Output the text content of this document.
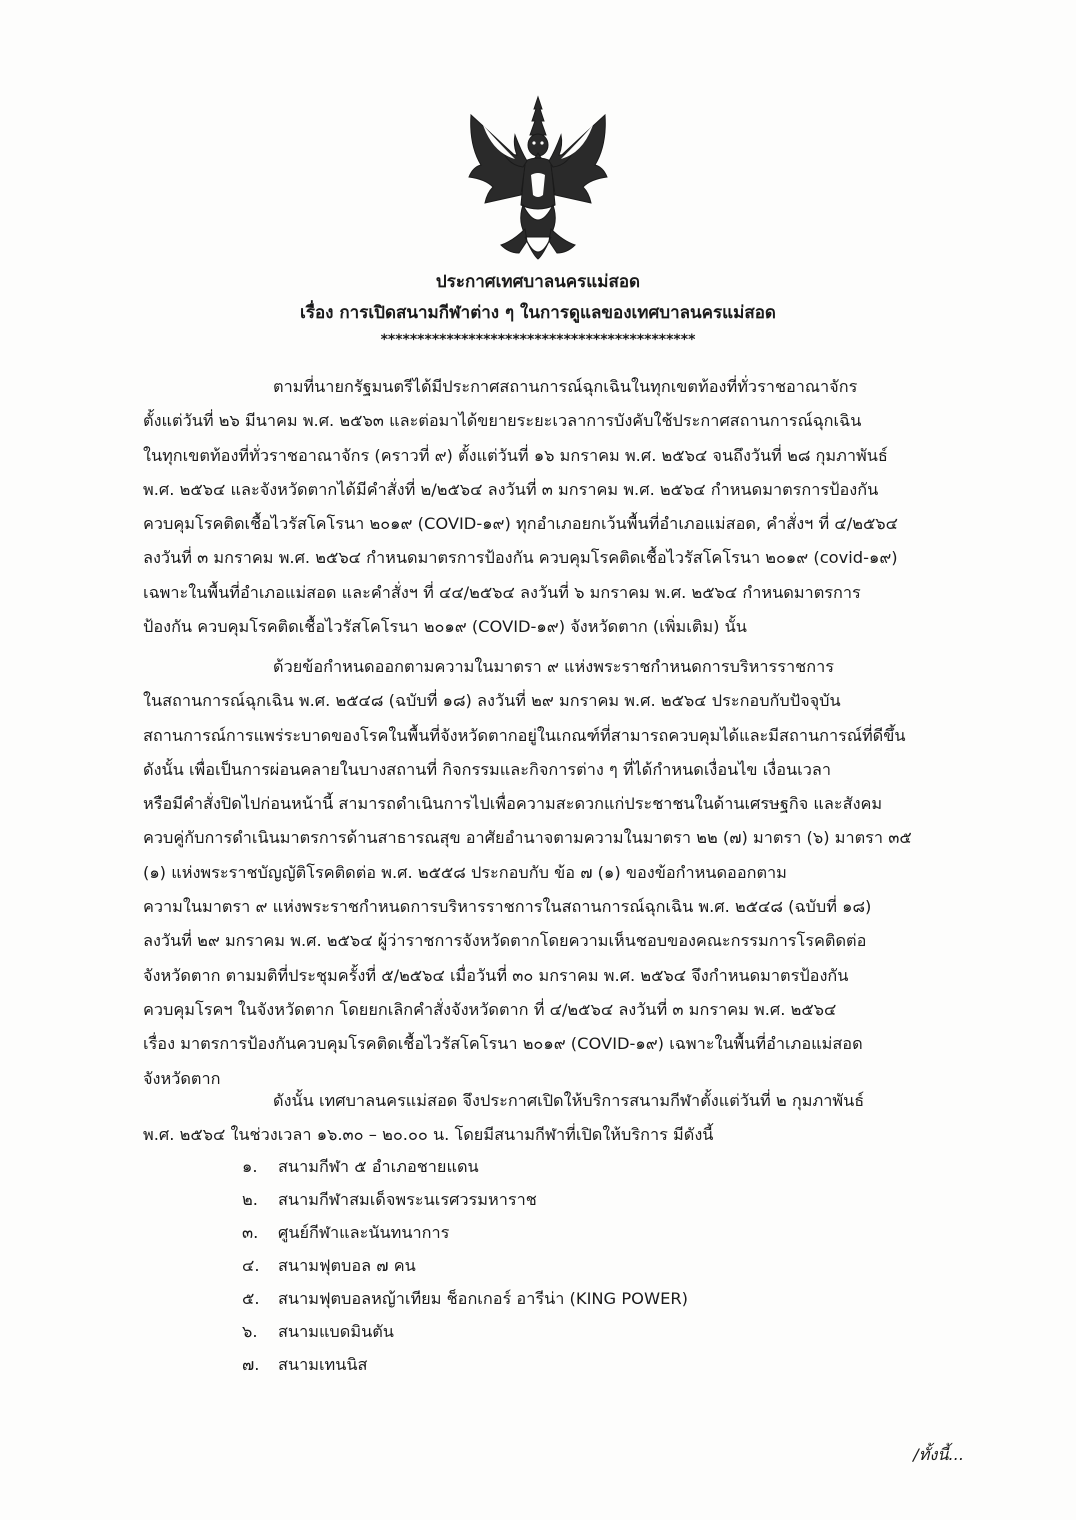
ประกาศเทศบาลนครแม่สอด
เรื่อง การเปิดสนามกีฬาต่าง ๆ ในการดูแลของเทศบาลนครแม่สอด
*******************************************
ตามที่นายกรัฐมนตรีได้มีประกาศสถานการณ์ฉุกเฉินในทุกเขตท้องที่ทั่วราชอาณาจักร
ตั้งแต่วันที่ ๒๖ มีนาคม พ.ศ. ๒๕๖๓ และต่อมาได้ขยายระยะเวลาการบังคับใช้ประกาศสถานการณ์ฉุกเฉิน
ในทุกเขตท้องที่ทั่วราชอาณาจักร (คราวที่ ๙) ตั้งแต่วันที่ ๑๖ มกราคม พ.ศ. ๒๕๖๔ จนถึงวันที่ ๒๘ กุมภาพันธ์
พ.ศ. ๒๕๖๔ และจังหวัดตากได้มีคำสั่งที่ ๒/๒๕๖๔ ลงวันที่ ๓ มกราคม พ.ศ. ๒๕๖๔ กำหนดมาตรการป้องกัน
ควบคุมโรคติดเชื้อไวรัสโคโรนา ๒๐๑๙ (COVID-๑๙) ทุกอำเภอยกเว้นพื้นที่อำเภอแม่สอด, คำสั่งฯ ที่ ๔/๒๕๖๔
ลงวันที่ ๓ มกราคม พ.ศ. ๒๕๖๔ กำหนดมาตรการป้องกัน ควบคุมโรคติดเชื้อไวรัสโคโรนา ๒๐๑๙ (covid-๑๙)
เฉพาะในพื้นที่อำเภอแม่สอด และคำสั่งฯ ที่ ๔๔/๒๕๖๔ ลงวันที่ ๖ มกราคม พ.ศ. ๒๕๖๔ กำหนดมาตรการ
ป้องกัน ควบคุมโรคติดเชื้อไวรัสโคโรนา ๒๐๑๙ (COVID-๑๙) จังหวัดตาก (เพิ่มเติม) นั้น
ด้วยข้อกำหนดออกตามความในมาตรา ๙ แห่งพระราชกำหนดการบริหารราชการ
ในสถานการณ์ฉุกเฉิน พ.ศ. ๒๕๔๘ (ฉบับที่ ๑๘) ลงวันที่ ๒๙ มกราคม พ.ศ. ๒๕๖๔ ประกอบกับปัจจุบัน
สถานการณ์การแพร่ระบาดของโรคในพื้นที่จังหวัดตากอยู่ในเกณฑ์ที่สามารถควบคุมได้และมีสถานการณ์ที่ดีขึ้น
ดังนั้น เพื่อเป็นการผ่อนคลายในบางสถานที่ กิจกรรมและกิจการต่าง ๆ ที่ได้กำหนดเงื่อนไข เงื่อนเวลา
หรือมีคำสั่งปิดไปก่อนหน้านี้ สามารถดำเนินการไปเพื่อความสะดวกแก่ประชาชนในด้านเศรษฐกิจ และสังคม
ควบคู่กับการดำเนินมาตรการด้านสาธารณสุข อาศัยอำนาจตามความในมาตรา ๒๒ (๗) มาตรา (๖) มาตรา ๓๕
(๑) แห่งพระราชบัญญัติโรคติดต่อ พ.ศ. ๒๕๕๘ ประกอบกับ ข้อ ๗ (๑) ของข้อกำหนดออกตาม
ความในมาตรา ๙ แห่งพระราชกำหนดการบริหารราชการในสถานการณ์ฉุกเฉิน พ.ศ. ๒๕๔๘ (ฉบับที่ ๑๘)
ลงวันที่ ๒๙ มกราคม พ.ศ. ๒๕๖๔ ผู้ว่าราชการจังหวัดตากโดยความเห็นชอบของคณะกรรมการโรคติดต่อ
จังหวัดตาก ตามมติที่ประชุมครั้งที่ ๕/๒๕๖๔ เมื่อวันที่ ๓๐ มกราคม พ.ศ. ๒๕๖๔ จึงกำหนดมาตรป้องกัน
ควบคุมโรคฯ ในจังหวัดตาก โดยยกเลิกคำสั่งจังหวัดตาก ที่ ๔/๒๕๖๔ ลงวันที่ ๓ มกราคม พ.ศ. ๒๕๖๔
เรื่อง มาตรการป้องกันควบคุมโรคติดเชื้อไวรัสโคโรนา ๒๐๑๙ (COVID-๑๙) เฉพาะในพื้นที่อำเภอแม่สอด
จังหวัดตาก
ดังนั้น เทศบาลนครแม่สอด จึงประกาศเปิดให้บริการสนามกีฬาตั้งแต่วันที่ ๒ กุมภาพันธ์
พ.ศ. ๒๕๖๔ ในช่วงเวลา ๑๖.๓๐ – ๒๐.๐๐ น. โดยมีสนามกีฬาที่เปิดให้บริการ มีดังนี้
๑. สนามกีฬา ๕ อำเภอชายแดน
๒. สนามกีฬาสมเด็จพระนเรศวรมหาราช
๓. ศูนย์กีฬาและนันทนาการ
๔. สนามฟุตบอล ๗ คน
๕. สนามฟุตบอลหญ้าเทียม ช็อกเกอร์ อารีน่า (KING POWER)
๖. สนามแบดมินตัน
๗. สนามเทนนิส
/ทั้งนี้...
